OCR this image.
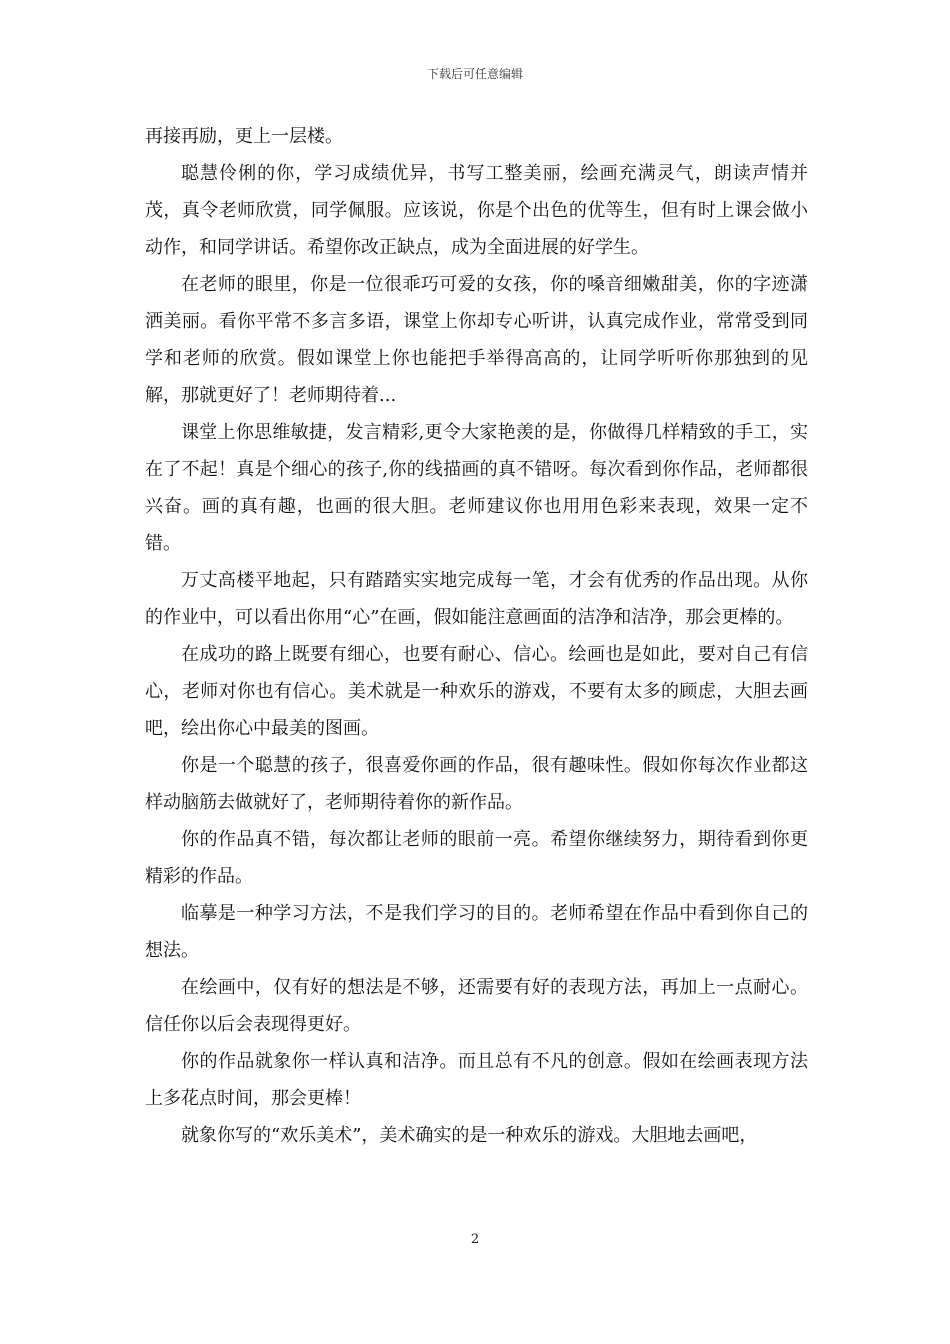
下载后可任意编辑

再接再励，更上一层楼。

聪慧伶俐的你，学习成绩优异，书写工整美丽，绘画充满灵气，朗读声情并茂，真令老师欣赏，同学佩服。应该说，你是个出色的优等生，但有时上课会做小动作，和同学讲话。希望你改正缺点，成为全面进展的好学生。

在老师的眼里，你是一位很乖巧可爱的女孩，你的嗓音细嫩甜美，你的字迹潇洒美丽。看你平常不多言多语，课堂上你却专心听讲，认真完成作业，常常受到同学和老师的欣赏。假如课堂上你也能把手举得高高的，让同学听听你那独到的见解，那就更好了！老师期待着...

课堂上你思维敏捷，发言精彩,更令大家艳羡的是，你做得几样精致的手工，实在了不起！真是个细心的孩子,你的线描画的真不错呀。每次看到你作品，老师都很兴奋。画的真有趣，也画的很大胆。老师建议你也用用色彩来表现，效果一定不错。

万丈高楼平地起，只有踏踏实实地完成每一笔，才会有优秀的作品出现。从你的作业中，可以看出你用“心”在画，假如能注意画面的洁净和洁净，那会更棒的。

在成功的路上既要有细心，也要有耐心、信心。绘画也是如此，要对自己有信心，老师对你也有信心。美术就是一种欢乐的游戏，不要有太多的顾虑，大胆去画吧，绘出你心中最美的图画。

你是一个聪慧的孩子，很喜爱你画的作品，很有趣味性。假如你每次作业都这样动脑筋去做就好了，老师期待着你的新作品。

你的作品真不错，每次都让老师的眼前一亮。希望你继续努力，期待看到你更精彩的作品。

临摹是一种学习方法，不是我们学习的目的。老师希望在作品中看到你自己的想法。

在绘画中，仅有好的想法是不够，还需要有好的表现方法，再加上一点耐心。信任你以后会表现得更好。

你的作品就象你一样认真和洁净。而且总有不凡的创意。假如在绘画表现方法上多花点时间，那会更棒！

就象你写的“欢乐美术”，美术确实的是一种欢乐的游戏。大胆地去画吧，

2
